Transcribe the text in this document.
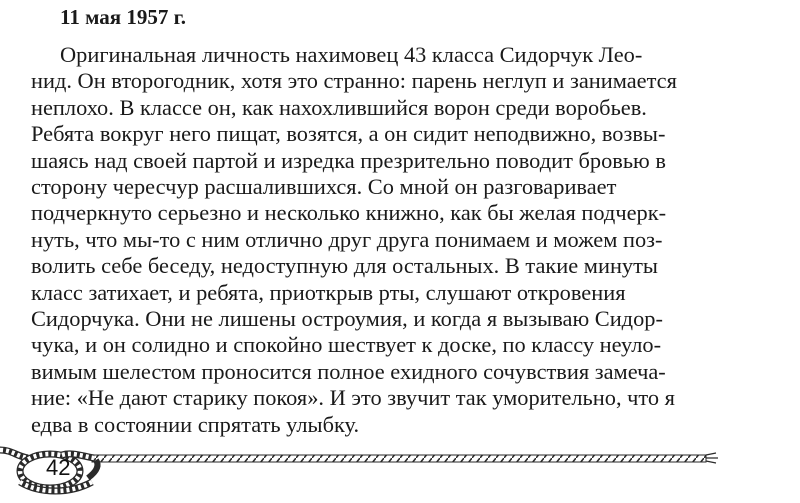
11 мая 1957 г.

Оригинальная личность нахимовец 43 класса Сидорчук Лео-
нид. Он второгодник, хотя это странно: парень неглуп и занимается
неплохо. В классе он, как нахохлившийся ворон среди воробьев.
Ребята вокруг него пищат, возятся, а он сидит неподвижно, возвы-
шаясь над своей партой и изредка презрительно поводит бровью в
сторону чересчур расшалившихся. Со мной он разговаривает
подчеркнуто серьезно и несколько книжно, как бы желая подчерк-
нуть, что мы-то с ним отлично друг друга понимаем и можем поз-
волить себе беседу, недоступную для остальных. В такие минуты
класс затихает, и ребята, приоткрыв рты, слушают откровения
Сидорчука. Они не лишены остроумия, и когда я вызываю Сидор-
чука, и он солидно и спокойно шествует к доске, по классу неуло-
вимым шелестом проносится полное ехидного сочувствия замеча-
ние: «Не дают старику покоя». И это звучит так уморительно, что я
едва в состоянии спрятать улыбку.

42
